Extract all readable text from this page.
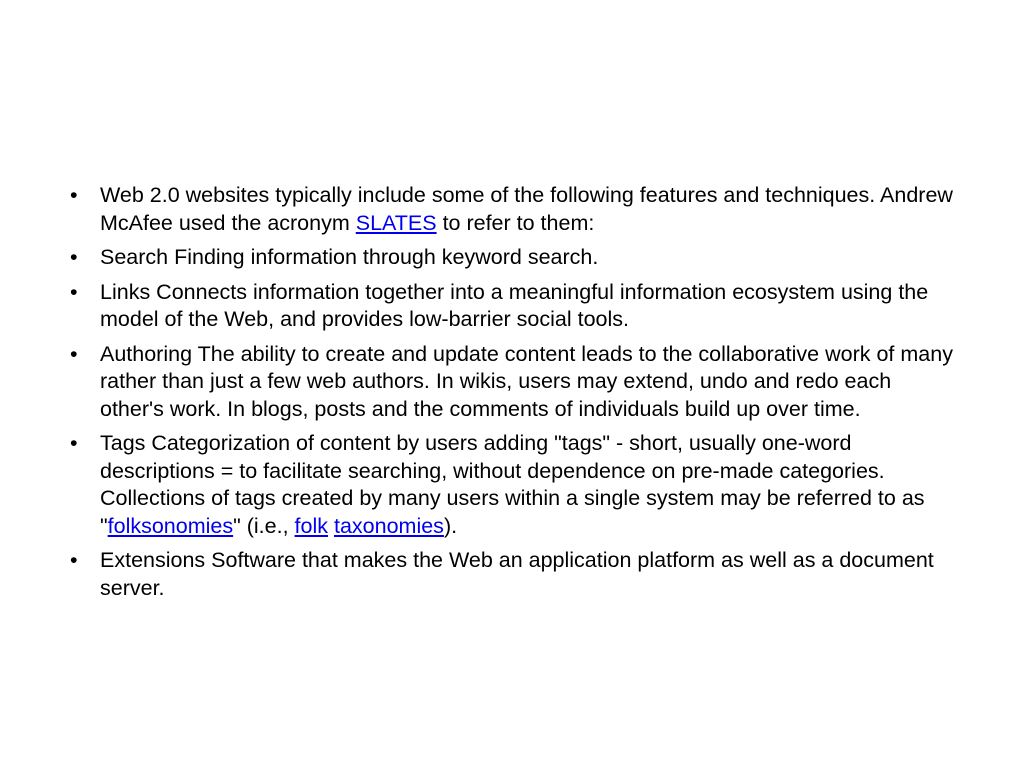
•	Web 2.0 websites typically include some of the following features and techniques. Andrew McAfee used the acronym SLATES to refer to them:
•	Search Finding information through keyword search.
•	Links Connects information together into a meaningful information ecosystem using the model of the Web, and provides low-barrier social tools.
•	Authoring The ability to create and update content leads to the collaborative work of many rather than just a few web authors. In wikis, users may extend, undo and redo each other's work. In blogs, posts and the comments of individuals build up over time.
•	Tags Categorization of content by users adding "tags" - short, usually one-word descriptions = to facilitate searching, without dependence on pre-made categories. Collections of tags created by many users within a single system may be referred to as "folksonomies" (i.e., folk taxonomies).
•	Extensions Software that makes the Web an application platform as well as a document server.
